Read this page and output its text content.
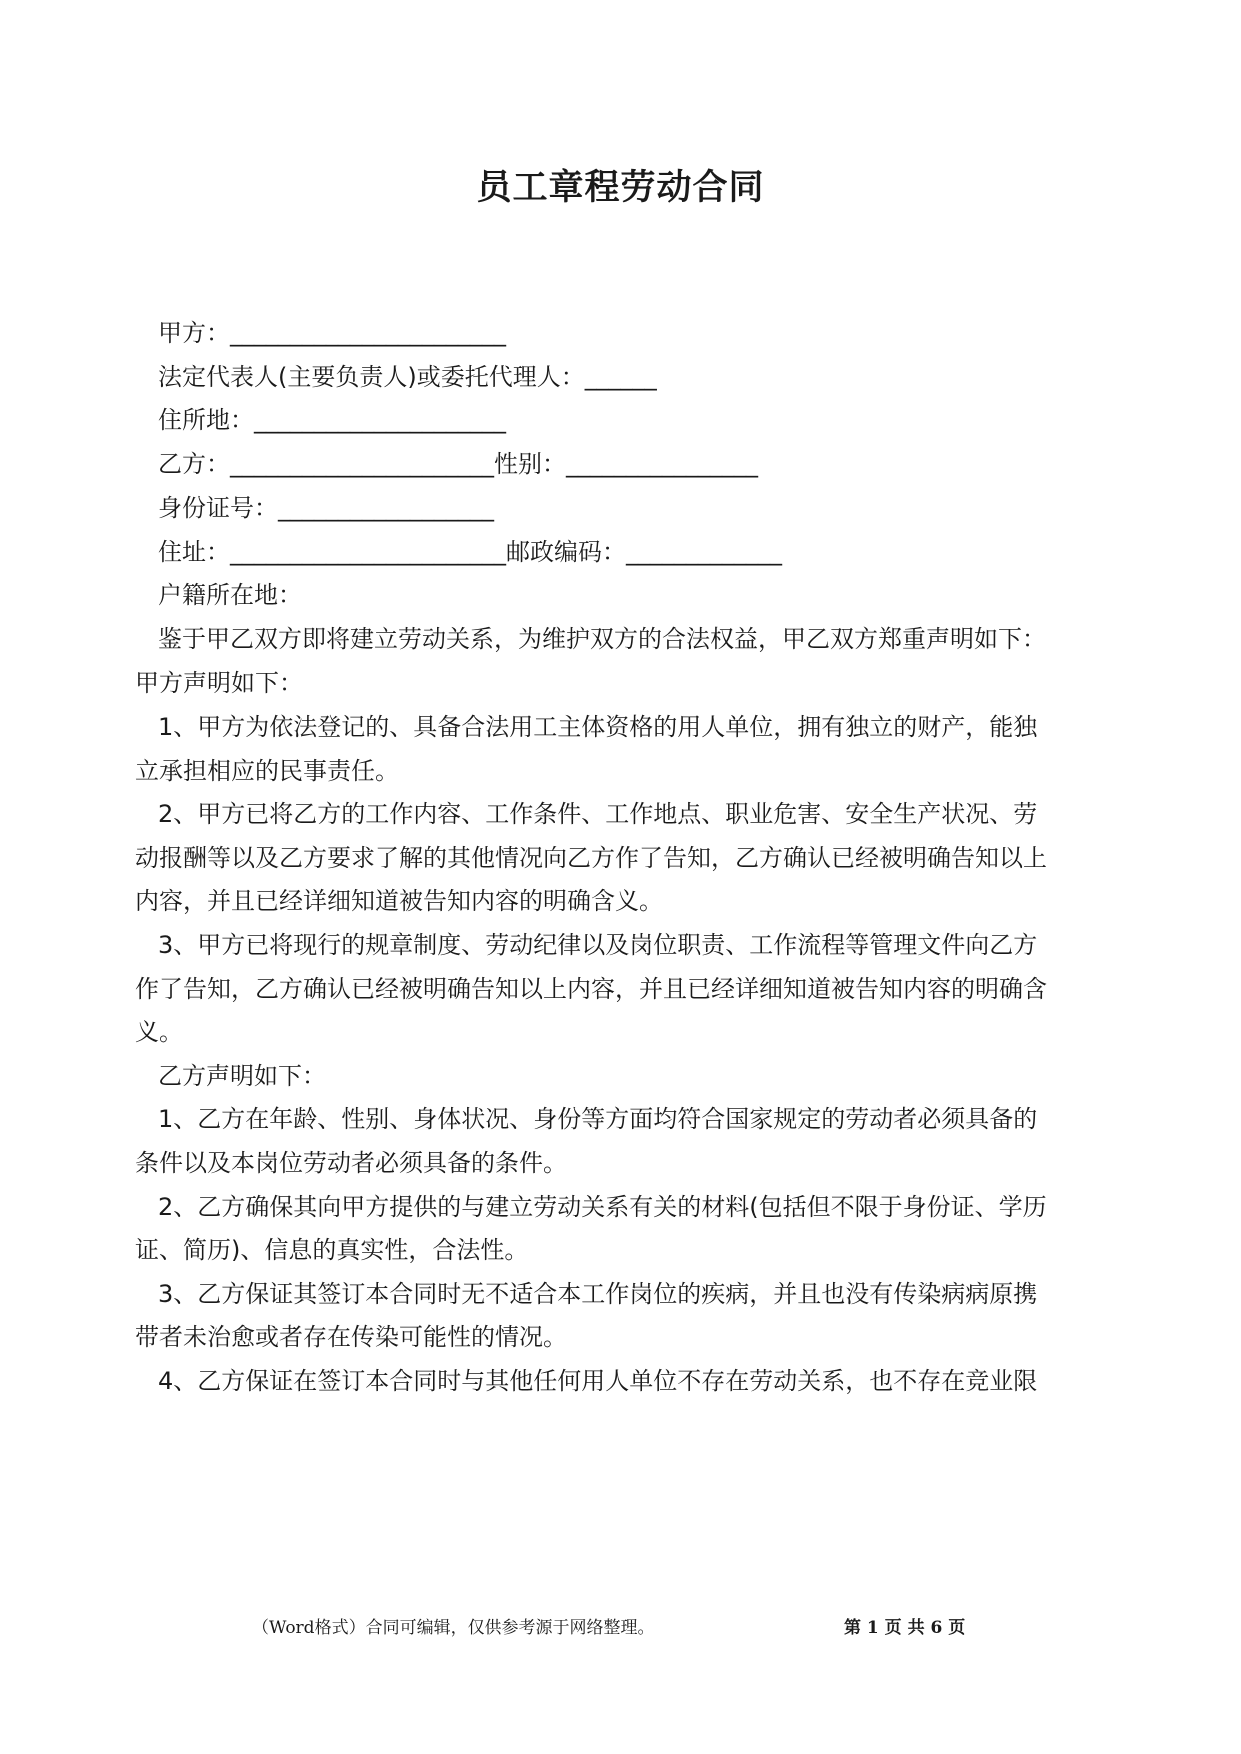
员工章程劳动合同
甲方：_______________________
法定代表人(主要负责人)或委托代理人：______
住所地：_____________________
乙方：______________________性别：________________
身份证号：__________________
住址：_______________________邮政编码：_____________
户籍所在地：
鉴于甲乙双方即将建立劳动关系，为维护双方的合法权益，甲乙双方郑重声明如下：
甲方声明如下：
1、甲方为依法登记的、具备合法用工主体资格的用人单位，拥有独立的财产，能独
立承担相应的民事责任。
2、甲方已将乙方的工作内容、工作条件、工作地点、职业危害、安全生产状况、劳
动报酬等以及乙方要求了解的其他情况向乙方作了告知，乙方确认已经被明确告知以上
内容，并且已经详细知道被告知内容的明确含义。
3、甲方已将现行的规章制度、劳动纪律以及岗位职责、工作流程等管理文件向乙方
作了告知，乙方确认已经被明确告知以上内容，并且已经详细知道被告知内容的明确含
义。
乙方声明如下：
1、乙方在年龄、性别、身体状况、身份等方面均符合国家规定的劳动者必须具备的
条件以及本岗位劳动者必须具备的条件。
2、乙方确保其向甲方提供的与建立劳动关系有关的材料(包括但不限于身份证、学历
证、简历)、信息的真实性，合法性。
3、乙方保证其签订本合同时无不适合本工作岗位的疾病，并且也没有传染病病原携
带者未治愈或者存在传染可能性的情况。
4、乙方保证在签订本合同时与其他任何用人单位不存在劳动关系，也不存在竞业限
（Word格式）合同可编辑，仅供参考源于网络整理。	第 1 页 共 6 页
